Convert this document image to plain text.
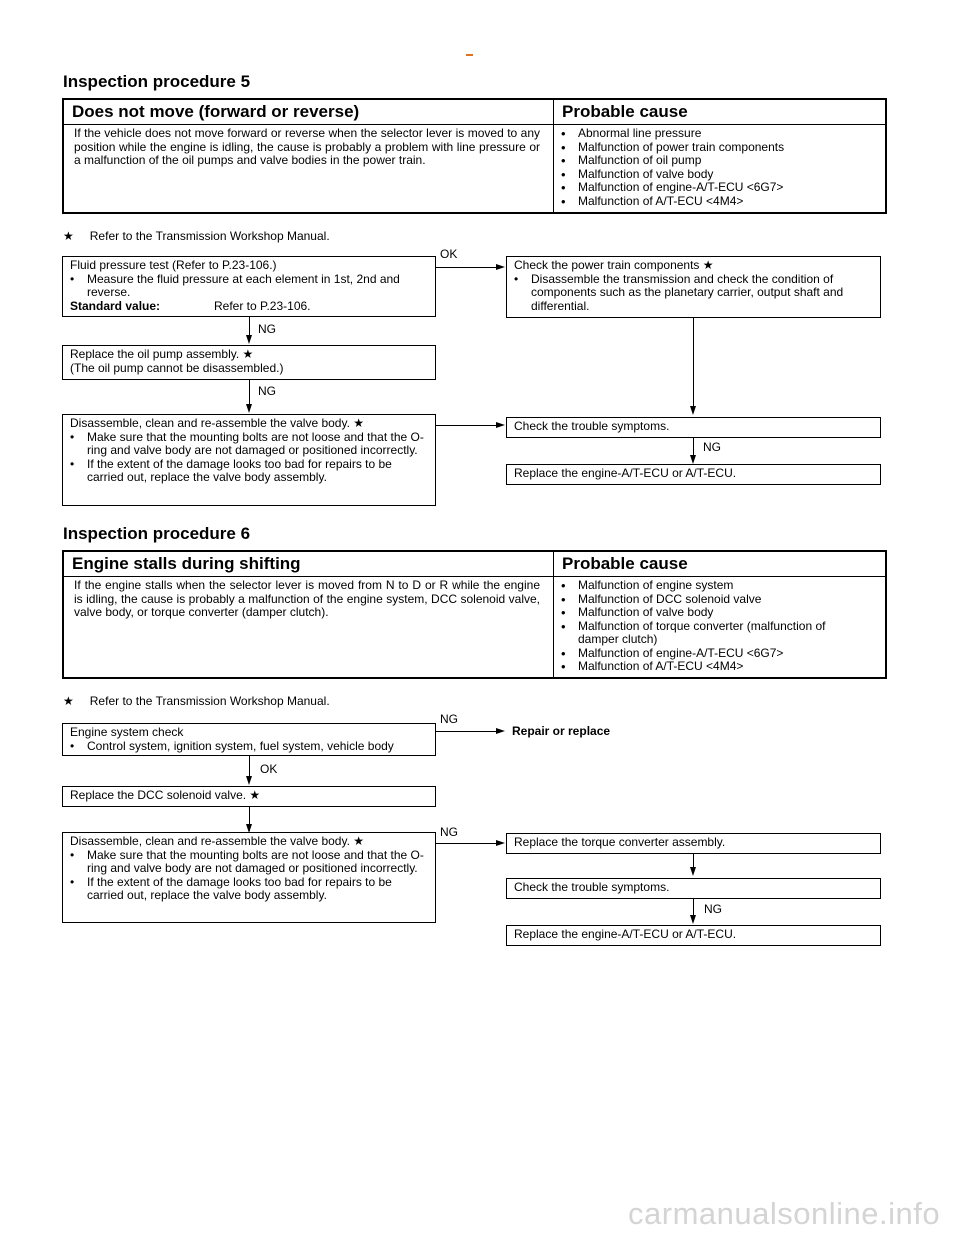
Inspection procedure 5
Does not move (forward or reverse)	Probable cause
If the vehicle does not move forward or reverse when the selector lever is moved to any position while the engine is idling, the cause is probably a problem with line pressure or a malfunction of the oil pumps and valve bodies in the power train.
• Abnormal line pressure
• Malfunction of power train components
• Malfunction of oil pump
• Malfunction of valve body
• Malfunction of engine-A/T-ECU <6G7>
• Malfunction of A/T-ECU <4M4>
★ Refer to the Transmission Workshop Manual.
Fluid pressure test (Refer to P.23-106.)
• Measure the fluid pressure at each element in 1st, 2nd and reverse.
Standard value:	Refer to P.23-106.
OK
Check the power train components ★
• Disassemble the transmission and check the condition of components such as the planetary carrier, output shaft and differential.
NG
Replace the oil pump assembly. ★
(The oil pump cannot be disassembled.)
NG
Disassemble, clean and re-assemble the valve body. ★
• Make sure that the mounting bolts are not loose and that the O-ring and valve body are not damaged or positioned incorrectly.
• If the extent of the damage looks too bad for repairs to be carried out, replace the valve body assembly.
Check the trouble symptoms.
NG
Replace the engine-A/T-ECU or A/T-ECU.
Inspection procedure 6
Engine stalls during shifting	Probable cause
If the engine stalls when the selector lever is moved from N to D or R while the engine is idling, the cause is probably a malfunction of the engine system, DCC solenoid valve, valve body, or torque converter (damper clutch).
• Malfunction of engine system
• Malfunction of DCC solenoid valve
• Malfunction of valve body
• Malfunction of torque converter (malfunction of damper clutch)
• Malfunction of engine-A/T-ECU <6G7>
• Malfunction of A/T-ECU <4M4>
★ Refer to the Transmission Workshop Manual.
Engine system check
• Control system, ignition system, fuel system, vehicle body
NG
Repair or replace
OK
Replace the DCC solenoid valve. ★
Disassemble, clean and re-assemble the valve body. ★
• Make sure that the mounting bolts are not loose and that the O-ring and valve body are not damaged or positioned incorrectly.
• If the extent of the damage looks too bad for repairs to be carried out, replace the valve body assembly.
NG
Replace the torque converter assembly.
Check the trouble symptoms.
NG
Replace the engine-A/T-ECU or A/T-ECU.
carmanualsonline.info
